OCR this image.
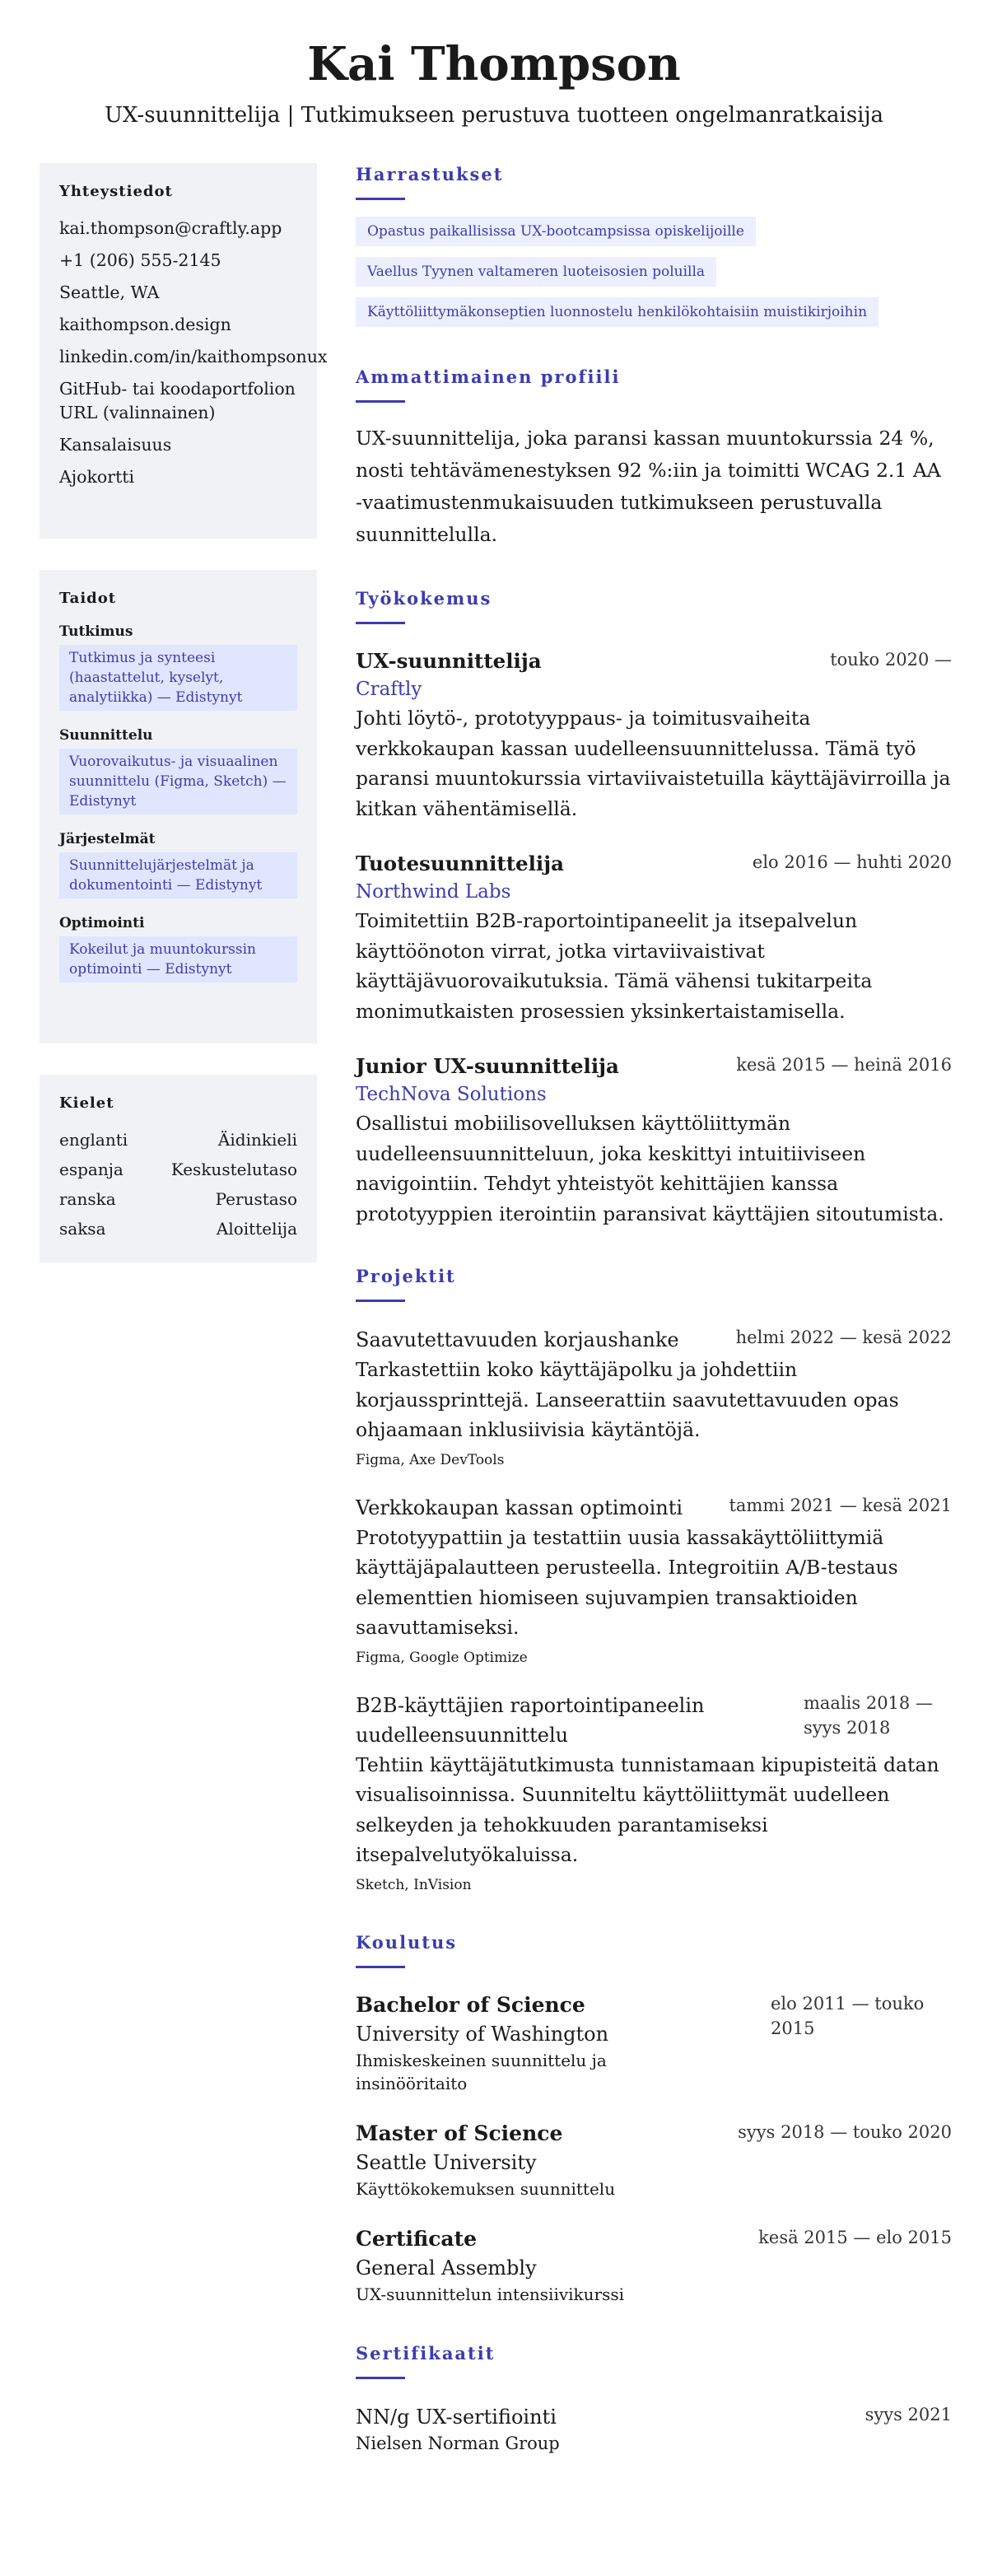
Kai Thompson
UX-suunnittelija | Tutkimukseen perustuva tuotteen ongelmanratkaisija
Yhteystiedot
kai.thompson@craftly.app
+1 (206) 555-2145
Seattle, WA
kaithompson.design
linkedin.com/in/kaithompsonux
GitHub- tai koodaportfolion URL (valinnainen)
Kansalaisuus
Ajokortti
Taidot
Tutkimus
Tutkimus ja synteesi (haastattelut, kyselyt, analytiikka) — Edistynyt
Suunnittelu
Vuorovaikutus- ja visuaalinen suunnittelu (Figma, Sketch) — Edistynyt
Järjestelmät
Suunnittelujärjestelmät ja dokumentointi — Edistynyt
Optimointi
Kokeilut ja muuntokurssin optimointi — Edistynyt
Kielet
englanti	Äidinkieli
espanja	Keskustelutaso
ranska	Perustaso
saksa	Aloittelija
Harrastukset
Opastus paikallisissa UX-bootcampsissa opiskelijoille
Vaellus Tyynen valtameren luoteisosien poluilla
Käyttöliittymäkonseptien luonnostelu henkilökohtaisiin muistikirjoihin
Ammattimainen profiili

UX-suunnittelija, joka paransi kassan muuntokurssia 24 %, nosti tehtävämenestyksen 92 %:iin ja toimitti WCAG 2.1 AA -vaatimustenmukaisuuden tutkimukseen perustuvalla suunnittelulla.

Työkokemus
UX-suunnittelija	touko 2020 —
Craftly

Johti löytö-, prototyyppaus- ja toimitusvaiheita verkkokaupan kassan uudelleensuunnittelussa. Tämä työ paransi muuntokurssia virtaviivaistetuilla käyttäjävirroilla ja kitkan vähentämisellä.

Tuotesuunnittelija	elo 2016 — huhti 2020
Northwind Labs

Toimitettiin B2B-raportointipaneelit ja itsepalvelun käyttöönoton virrat, jotka virtaviivaistivat käyttäjävuorovaikutuksia. Tämä vähensi tukitarpeita monimutkaisten prosessien yksinkertaistamisella.

Junior UX-suunnittelija	kesä 2015 — heinä 2016
TechNova Solutions

Osallistui mobiilisovelluksen käyttöliittymän uudelleensuunnitteluun, joka keskittyi intuitiiviseen navigointiin. Tehdyt yhteistyöt kehittäjien kanssa prototyyppien iterointiin paransivat käyttäjien sitoutumista.

Projektit
Saavutettavuuden korjaushanke	helmi 2022 — kesä 2022

Tarkastettiin koko käyttäjäpolku ja johdettiin korjaussprinttejä. Lanseerattiin saavutettavuuden opas ohjaamaan inklusiivisia käytäntöjä.

Figma, Axe DevTools
Verkkokaupan kassan optimointi	tammi 2021 — kesä 2021

Prototyypattiin ja testattiin uusia kassakäyttöliittymiä käyttäjäpalautteen perusteella. Integroitiin A/B-testaus elementtien hiomiseen sujuvampien transaktioiden saavuttamiseksi.

Figma, Google Optimize
B2B-käyttäjien raportointipaneelin uudelleensuunnittelu
maalis 2018 — syys 2018

Tehtiin käyttäjätutkimusta tunnistamaan kipupisteitä datan visualisoinnissa. Suunniteltu käyttöliittymät uudelleen selkeyden ja tehokkuuden parantamiseksi itsepalvelutyökaluissa.

Sketch, InVision
Koulutus
Bachelor of Science
University of Washington
Ihmiskeskeinen suunnittelu ja insinööritaito
elo 2011 — touko 2015
Master of Science
Seattle University
Käyttökokemuksen suunnittelu
syys 2018 — touko 2020
Certificate
General Assembly
UX-suunnittelun intensiivikurssi
kesä 2015 — elo 2015
Sertifikaatit
NN/g UX-sertifiointi	syys 2021
Nielsen Norman Group
